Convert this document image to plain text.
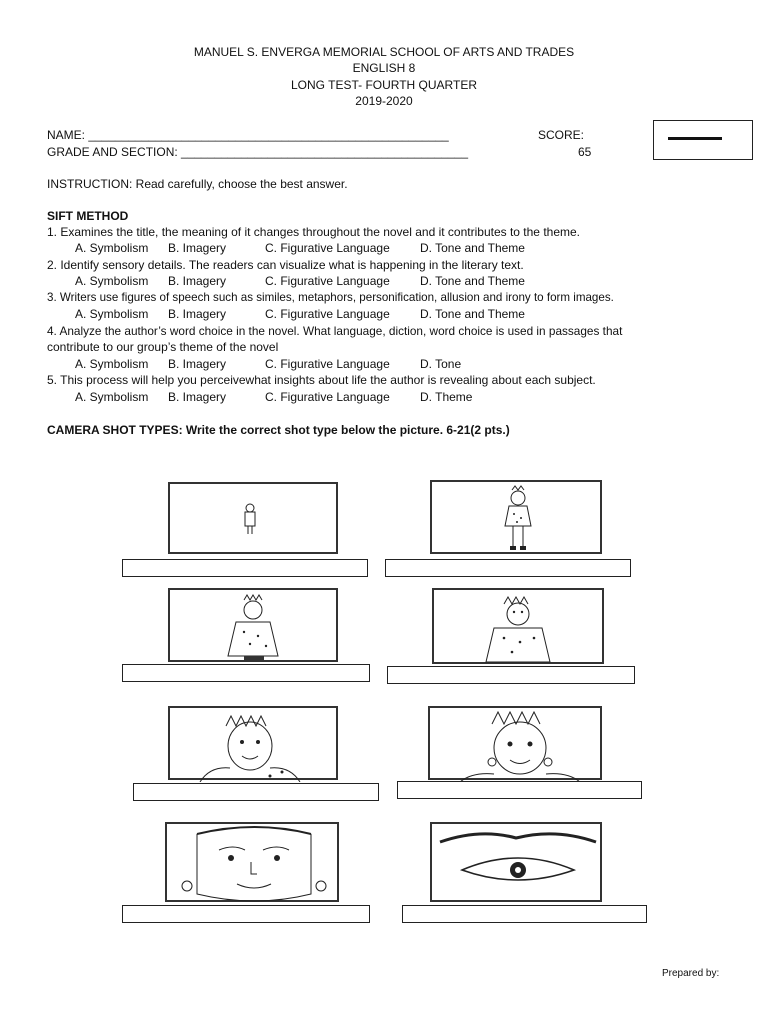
MANUEL S. ENVERGA MEMORIAL SCHOOL OF ARTS AND TRADES
ENGLISH 8
LONG TEST- FOURTH QUARTER
2019-2020
NAME: ______________________________________________________
GRADE AND SECTION: ___________________________________________
SCORE:
65
INSTRUCTION: Read carefully, choose the best answer.
SIFT METHOD
1. Examines the title, the meaning of it changes throughout the novel and it contributes to the theme.
A. Symbolism B. Imagery	C. Figurative Language	D. Tone and Theme
2. Identify sensory details. The readers can visualize what is happening in the literary text.
A. Symbolism B. Imagery	C. Figurative Language	D. Tone and Theme
3. Writers use figures of speech such as similes, metaphors, personification, allusion and irony to form images.
A. Symbolism B. Imagery	C. Figurative Language	D. Tone and Theme
4. Analyze the author’s word choice in the novel. What language, diction, word choice is used in passages that
contribute to our group’s theme of the novel
A. Symbolism B. Imagery	C. Figurative Language	D. Tone
5. This process will help you perceivewhat insights about life the author is revealing about each subject.
A. Symbolism B. Imagery	C. Figurative Language	D. Theme
CAMERA SHOT TYPES: Write the correct shot type below the picture. 6-21(2 pts.)
Prepared by:
